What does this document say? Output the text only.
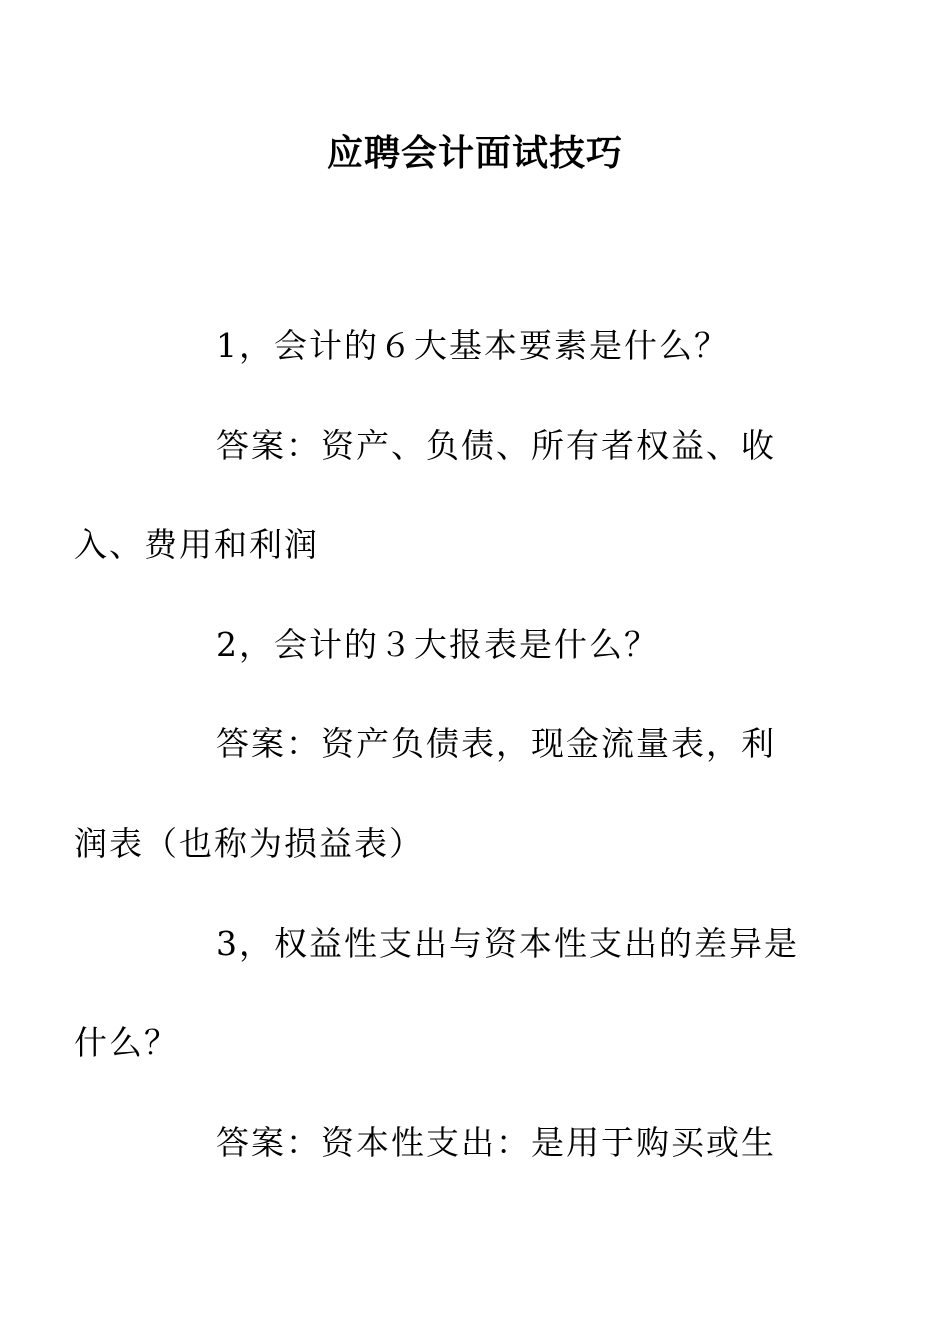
应聘会计面试技巧

1，会计的６大基本要素是什么？

答案：资产、负债、所有者权益、收
入、费用和利润

2，会计的３大报表是什么？

答案：资产负债表，现金流量表，利
润表（也称为损益表）

3，权益性支出与资本性支出的差异是
什么？

答案：资本性支出：是用于购买或生
